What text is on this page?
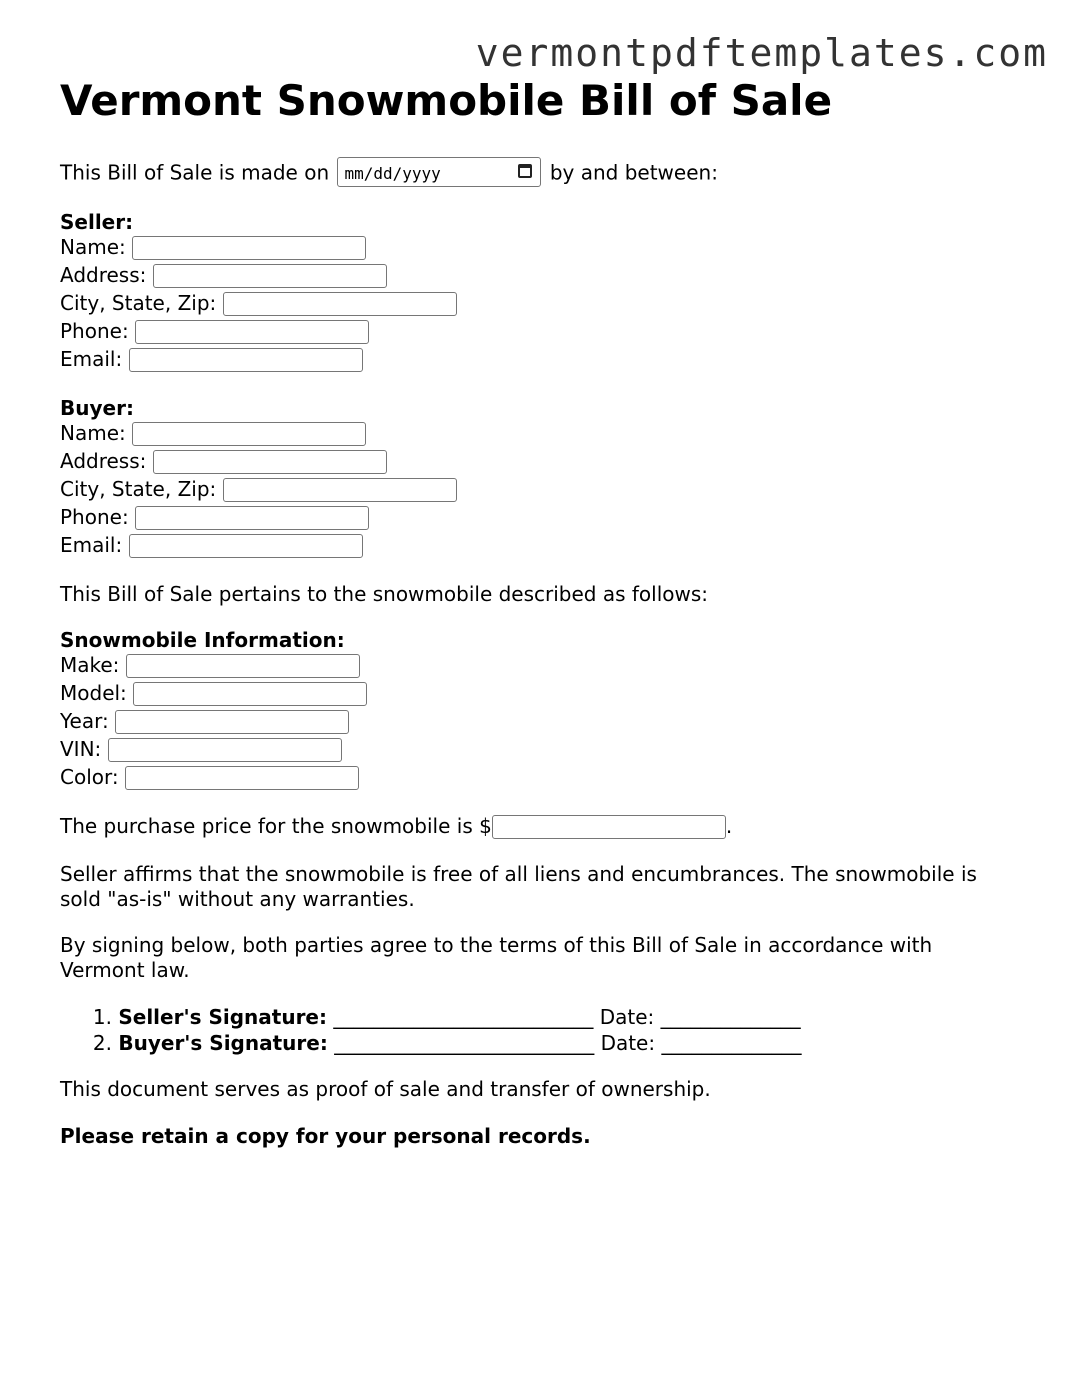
vermontpdftemplates.com
Vermont Snowmobile Bill of Sale
This Bill of Sale is made on mm/dd/yyyy	by and between:
Seller:
Name:
Address:
City, State, Zip:
Phone:
Email:
Buyer:
Name:
Address:
City, State, Zip:
Phone:
Email:
This Bill of Sale pertains to the snowmobile described as follows:
Snowmobile Information:
Make:
Model:
Year:
VIN:
Color:
The purchase price for the snowmobile is $	.
Seller affirms that the snowmobile is free of all liens and encumbrances. The snowmobile is sold "as-is" without any warranties.
By signing below, both parties agree to the terms of this Bill of Sale in accordance with Vermont law.
1. Seller's Signature: __________________________ Date: ______________
2. Buyer's Signature: __________________________ Date: ______________
This document serves as proof of sale and transfer of ownership.
Please retain a copy for your personal records.
